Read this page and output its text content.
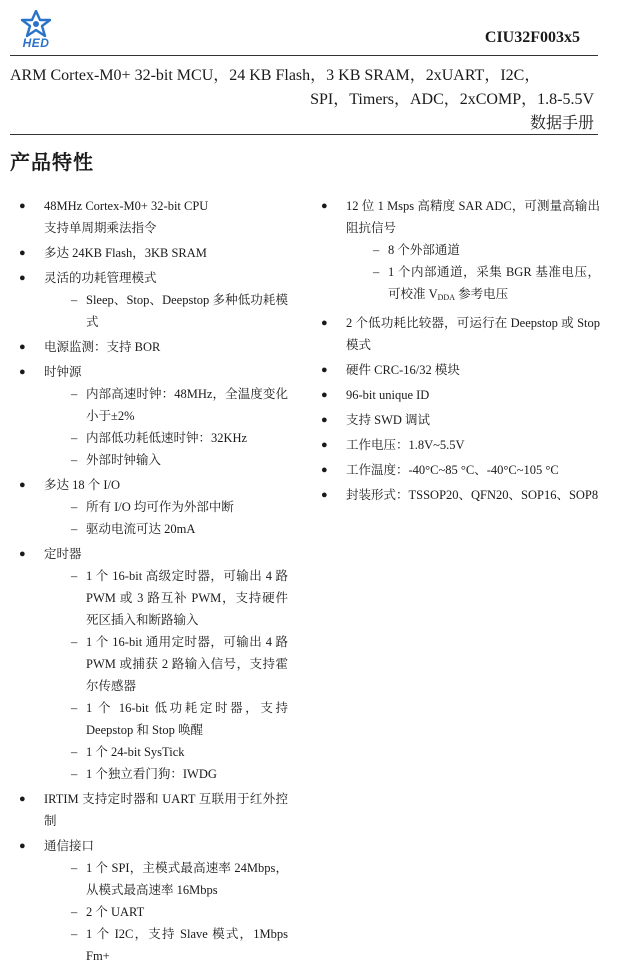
HED	CIU32F003x5
ARM Cortex-M0+ 32-bit MCU，24 KB Flash，3 KB SRAM，2xUART，I2C，
SPI，Timers，ADC，2xCOMP，1.8-5.5V
数据手册
产品特性
● 48MHz Cortex-M0+ 32-bit CPU
支持单周期乘法指令
● 多达 24KB Flash，3KB SRAM
● 灵活的功耗管理模式
– Sleep、Stop、Deepstop 多种低功耗模式
● 电源监测：支持 BOR
● 时钟源
– 内部高速时钟：48MHz，全温度变化小于±2%
– 内部低功耗低速时钟：32KHz
– 外部时钟输入
● 多达 18 个 I/O
– 所有 I/O 均可作为外部中断
– 驱动电流可达 20mA
● 定时器
– 1 个 16-bit 高级定时器，可输出 4 路 PWM 或 3 路互补 PWM，支持硬件死区插入和断路输入
– 1 个 16-bit 通用定时器，可输出 4 路 PWM 或捕获 2 路输入信号，支持霍尔传感器
– 1 个 16-bit 低功耗定时器，支持 Deepstop 和 Stop 唤醒
– 1 个 24-bit SysTick
– 1 个独立看门狗：IWDG
● IRTIM 支持定时器和 UART 互联用于红外控制
● 通信接口
– 1 个 SPI，主模式最高速率 24Mbps，从模式最高速率 16Mbps
– 2 个 UART
– 1 个 I2C，支持 Slave 模式，1Mbps Fm+
● 12 位 1 Msps 高精度 SAR ADC，可测量高输出阻抗信号
– 8 个外部通道
– 1 个内部通道，采集 BGR 基准电压，可校准 $V_{DDA}$ 参考电压
● 2 个低功耗比较器，可运行在 Deepstop 或 Stop 模式
● 硬件 CRC-16/32 模块
● 96-bit unique ID
● 支持 SWD 调试
● 工作电压：1.8V~5.5V
● 工作温度：-40°C~85 °C、-40°C~105 °C
● 封装形式：TSSOP20、QFN20、SOP16、SOP8
